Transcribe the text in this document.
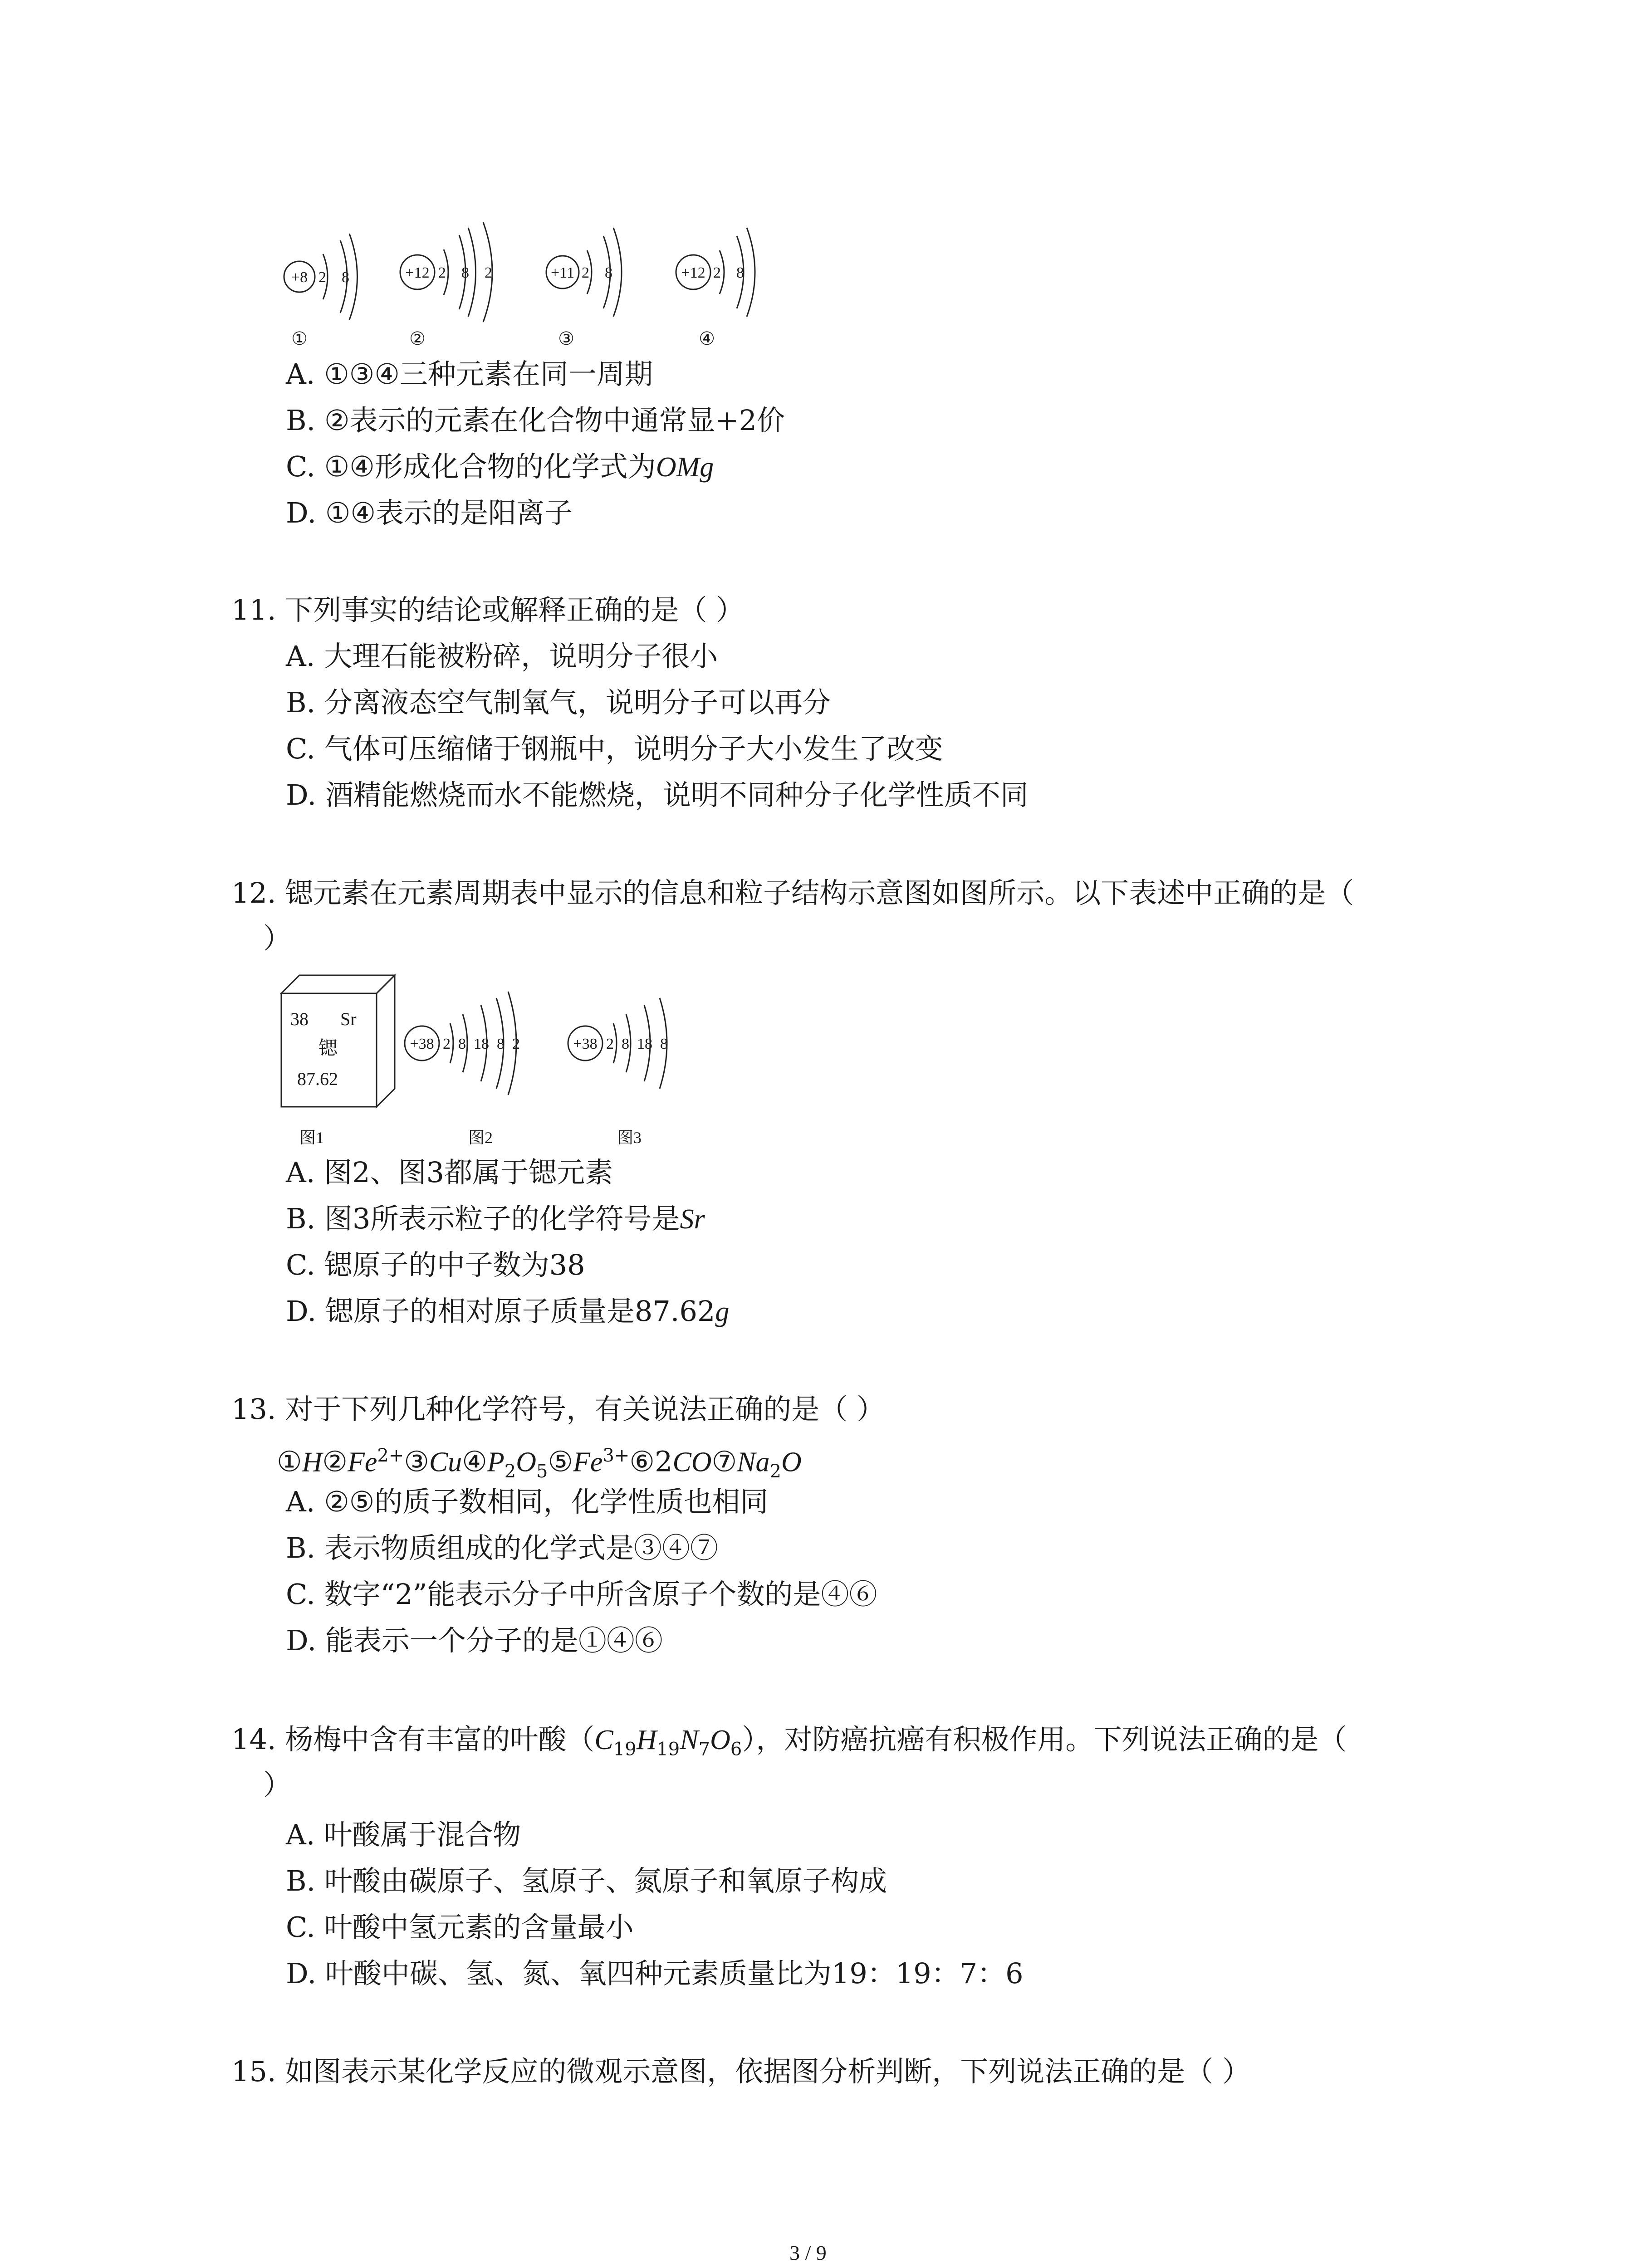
+8 2    8
①
+12 2    8    2
②
+11 2    8
③
+12 2    8
④
A. ①③④三种元素在同一周期
B. ②表示的元素在化合物中通常显+2价
C. ①④形成化合物的化学式为OMg
D. ①④表示的是阳离子
11. 下列事实的结论或解释正确的是（ ）
A. 大理石能被粉碎，说明分子很小
B. 分离液态空气制氧气，说明分子可以再分
C. 气体可压缩储于钢瓶中，说明分子大小发生了改变
D. 酒精能燃烧而水不能燃烧，说明不同种分子化学性质不同
12. 锶元素在元素周期表中显示的信息和粒子结构示意图如图所示。以下表述中正确的是（
）
38 Sr
锶
87.62
+38 2  8  18  8  2	+38 2  8  18  8
图1	图2	图3
A. 图2、图3都属于锶元素
B. 图3所表示粒子的化学符号是Sr
C. 锶原子的中子数为38
D. 锶原子的相对原子质量是87.62g
13. 对于下列几种化学符号，有关说法正确的是（ ）
$①H②Fe^{2+}③Cu④P_2O_5⑤Fe^{3+}⑥2CO⑦Na_2O$
A. ②⑤的质子数相同，化学性质也相同
B. 表示物质组成的化学式是③④⑦
C. 数字“2”能表示分子中所含原子个数的是④⑥
D. 能表示一个分子的是①④⑥
14. 杨梅中含有丰富的叶酸$(C_{19}H_{19}N_7O_6)$，对防癌抗癌有积极作用。下列说法正确的是（
）
A. 叶酸属于混合物
B. 叶酸由碳原子、氢原子、氮原子和氧原子构成
C. 叶酸中氢元素的含量最小
D. 叶酸中碳、氢、氮、氧四种元素质量比为19：19：7：6
15. 如图表示某化学反应的微观示意图，依据图分析判断，下列说法正确的是（ ）
3 / 9
